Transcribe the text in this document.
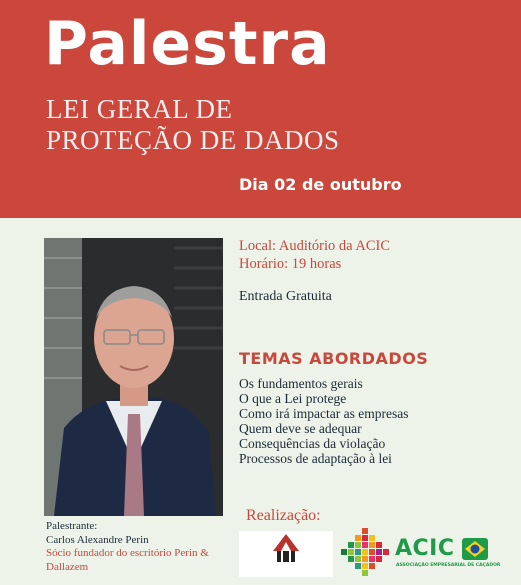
Palestra
LEI GERAL DE
PROTEÇÃO DE DADOS
Dia 02 de outubro
Local: Auditório da ACIC
Horário: 19 horas
Entrada Gratuita
TEMAS ABORDADOS
Os fundamentos gerais
O que a Lei protege
Como irá impactar as empresas
Quem deve se adequar
Consequências da violação
Processos de adaptação à lei
Palestrante:
Carlos Alexandre Perin
Sócio fundador do escritório Perin &
Dallazem
Realização:
ACIC
ASSOCIAÇÃO EMPRESARIAL DE CAÇADOR
